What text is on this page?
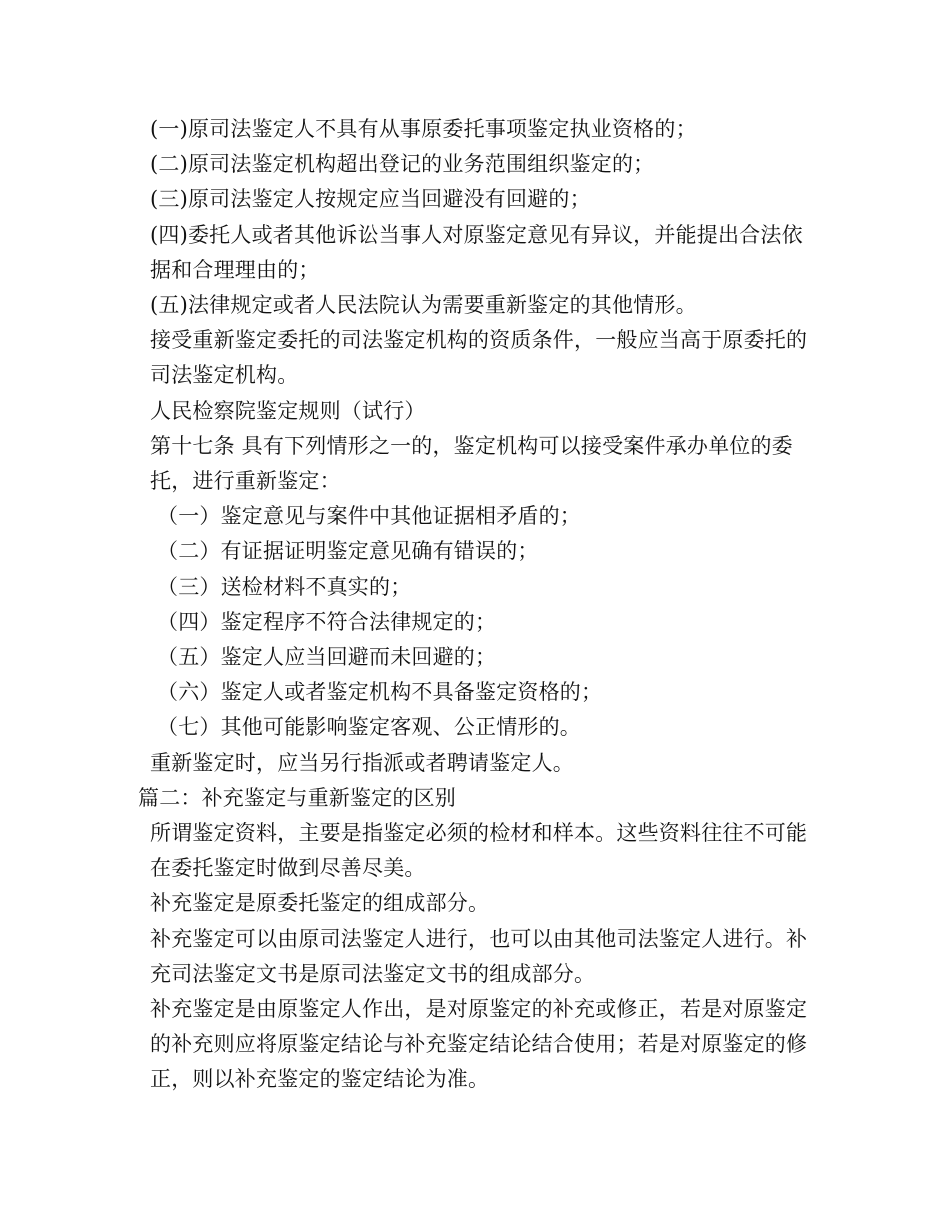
(一)原司法鉴定人不具有从事原委托事项鉴定执业资格的；

(二)原司法鉴定机构超出登记的业务范围组织鉴定的；

(三)原司法鉴定人按规定应当回避没有回避的；

(四)委托人或者其他诉讼当事人对原鉴定意见有异议，并能提出合法依据和合理理由的；

(五)法律规定或者人民法院认为需要重新鉴定的其他情形。

接受重新鉴定委托的司法鉴定机构的资质条件，一般应当高于原委托的司法鉴定机构。

人民检察院鉴定规则（试行）

第十七条 具有下列情形之一的，鉴定机构可以接受案件承办单位的委托，进行重新鉴定：

（一）鉴定意见与案件中其他证据相矛盾的；

（二）有证据证明鉴定意见确有错误的；

（三）送检材料不真实的；

（四）鉴定程序不符合法律规定的；

（五）鉴定人应当回避而未回避的；

（六）鉴定人或者鉴定机构不具备鉴定资格的；

（七）其他可能影响鉴定客观、公正情形的。

重新鉴定时，应当另行指派或者聘请鉴定人。

篇二：补充鉴定与重新鉴定的区别

所谓鉴定资料，主要是指鉴定必须的检材和样本。这些资料往往不可能在委托鉴定时做到尽善尽美。

补充鉴定是原委托鉴定的组成部分。

补充鉴定可以由原司法鉴定人进行，也可以由其他司法鉴定人进行。补充司法鉴定文书是原司法鉴定文书的组成部分。

补充鉴定是由原鉴定人作出，是对原鉴定的补充或修正，若是对原鉴定的补充则应将原鉴定结论与补充鉴定结论结合使用；若是对原鉴定的修正，则以补充鉴定的鉴定结论为准。
